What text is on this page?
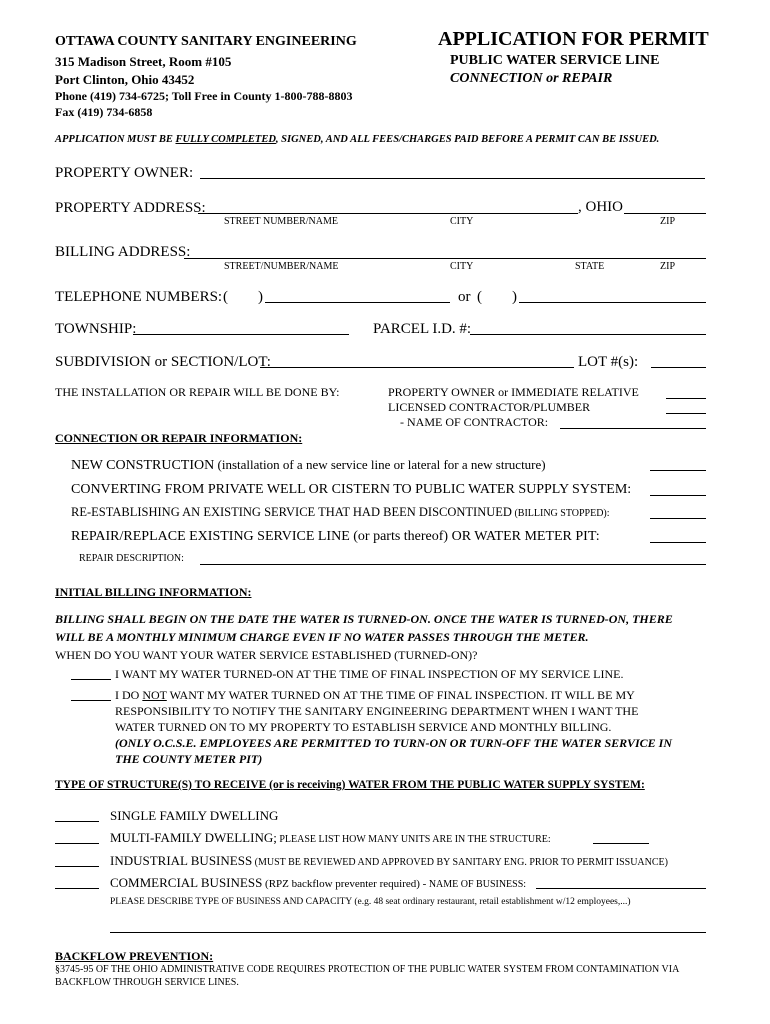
OTTAWA COUNTY SANITARY ENGINEERING
315 Madison Street, Room #105
Port Clinton, Ohio 43452
Phone (419) 734-6725; Toll Free in County 1-800-788-8803
Fax (419) 734-6858
APPLICATION FOR PERMIT
PUBLIC WATER SERVICE LINE
CONNECTION or REPAIR
APPLICATION MUST BE FULLY COMPLETED, SIGNED, AND ALL FEES/CHARGES PAID BEFORE A PERMIT CAN BE ISSUED.
PROPERTY OWNER:
PROPERTY ADDRESS:	, OHIO
STREET NUMBER/NAME	CITY	ZIP
BILLING ADDRESS:
STREET/NUMBER/NAME	CITY	STATE	ZIP
TELEPHONE NUMBERS: ( )	or ( )
TOWNSHIP:	PARCEL I.D. #:
SUBDIVISION or SECTION/LOT:	LOT #(s):
THE INSTALLATION OR REPAIR WILL BE DONE BY:	PROPERTY OWNER or IMMEDIATE RELATIVE
LICENSED CONTRACTOR/PLUMBER
- NAME OF CONTRACTOR:
CONNECTION OR REPAIR INFORMATION:
NEW CONSTRUCTION (installation of a new service line or lateral for a new structure)
CONVERTING FROM PRIVATE WELL OR CISTERN TO PUBLIC WATER SUPPLY SYSTEM:
RE-ESTABLISHING AN EXISTING SERVICE THAT HAD BEEN DISCONTINUED (BILLING STOPPED):
REPAIR/REPLACE EXISTING SERVICE LINE (or parts thereof) OR WATER METER PIT:
REPAIR DESCRIPTION:
INITIAL BILLING INFORMATION:
BILLING SHALL BEGIN ON THE DATE THE WATER IS TURNED-ON. ONCE THE WATER IS TURNED-ON, THERE
WILL BE A MONTHLY MINIMUM CHARGE EVEN IF NO WATER PASSES THROUGH THE METER.
WHEN DO YOU WANT YOUR WATER SERVICE ESTABLISHED (TURNED-ON)?
I WANT MY WATER TURNED-ON AT THE TIME OF FINAL INSPECTION OF MY SERVICE LINE.
I DO NOT WANT MY WATER TURNED ON AT THE TIME OF FINAL INSPECTION. IT WILL BE MY
RESPONSIBILITY TO NOTIFY THE SANITARY ENGINEERING DEPARTMENT WHEN I WANT THE
WATER TURNED ON TO MY PROPERTY TO ESTABLISH SERVICE AND MONTHLY BILLING.
(ONLY O.C.S.E. EMPLOYEES ARE PERMITTED TO TURN-ON OR TURN-OFF THE WATER SERVICE IN
THE COUNTY METER PIT)
TYPE OF STRUCTURE(S) TO RECEIVE (or is receiving) WATER FROM THE PUBLIC WATER SUPPLY SYSTEM:
SINGLE FAMILY DWELLING
MULTI-FAMILY DWELLING; PLEASE LIST HOW MANY UNITS ARE IN THE STRUCTURE:
INDUSTRIAL BUSINESS (MUST BE REVIEWED AND APPROVED BY SANITARY ENG. PRIOR TO PERMIT ISSUANCE)
COMMERCIAL BUSINESS (RPZ backflow preventer required) - NAME OF BUSINESS:
PLEASE DESCRIBE TYPE OF BUSINESS AND CAPACITY (e.g. 48 seat ordinary restaurant, retail establishment w/12 employees,...)
BACKFLOW PREVENTION:
§3745-95 OF THE OHIO ADMINISTRATIVE CODE REQUIRES PROTECTION OF THE PUBLIC WATER SYSTEM FROM CONTAMINATION VIA
BACKFLOW THROUGH SERVICE LINES.
